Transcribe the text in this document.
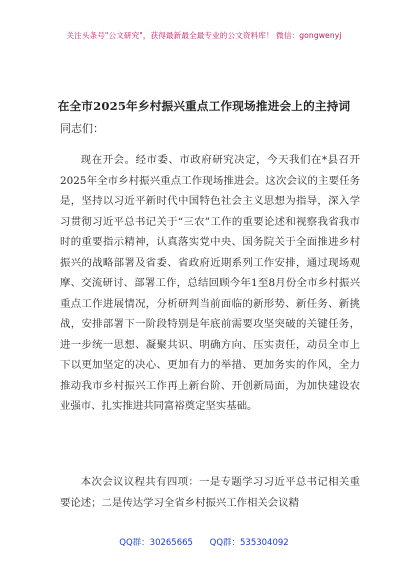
关注头条号"公文研究"，获得最新最全最专业的公文资料库！ 微信：gongwenyj
在全市2025年乡村振兴重点工作现场推进会上的主持词
同志们：

现在开会。经市委、市政府研究决定，今天我们在*县召开2025年全市乡村振兴重点工作现场推进会。这次会议的主要任务是，坚持以习近平新时代中国特色社会主义思想为指导，深入学习贯彻习近平总书记关于“三农”工作的重要论述和视察我省我市时的重要指示精神，认真落实党中央、国务院关于全面推进乡村振兴的战略部署及省委、省政府近期系列工作安排，通过现场观摩、交流研讨、部署工作，总结回顾今年1至8月份全市乡村振兴重点工作进展情况，分析研判当前面临的新形势、新任务、新挑战，安排部署下一阶段特别是年底前需要攻坚突破的关键任务，进一步统一思想、凝聚共识、明确方向、压实责任，动员全市上下以更加坚定的决心、更加有力的举措、更加务实的作风，全力推动我市乡村振兴工作再上新台阶、开创新局面，为加快建设农业强市、扎实推进共同富裕奠定坚实基础。

本次会议议程共有四项：一是专题学习习近平总书记相关重要论述；二是传达学习全省乡村振兴工作相关会议精

QQ群：30265665 QQ群：535304092
